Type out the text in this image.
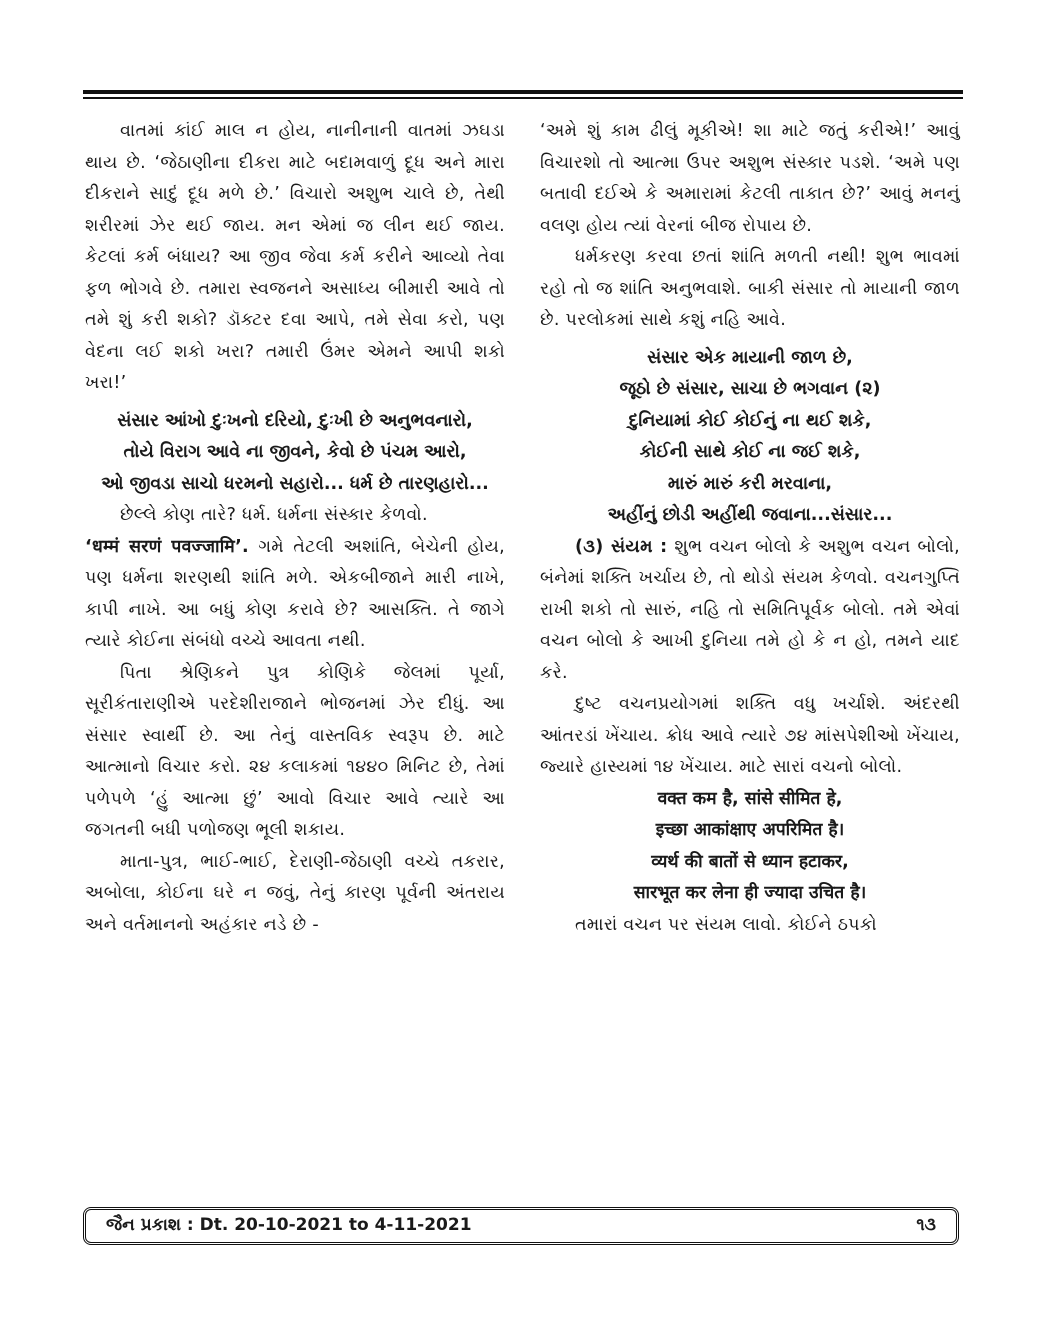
વાતમાં કાંઈ માલ ન હોય, નાનીનાની વાતમાં ઝઘડા થાય છે. ‘જેઠાણીના દીકરા માટે બદામવાળું દૂધ અને મારા દીકરાને સાદું દૂધ મળે છે.’ વિચારો અશુભ ચાલે છે, તેથી શરીરમાં ઝેર થઈ જાય. મન એમાં જ લીન થઈ જાય. કેટલાં કર્મ બંધાય? આ જીવ જેવા કર્મ કરીને આવ્યો તેવા ફળ ભોગવે છે. તમારા સ્વજનને અસાધ્ય બીમારી આવે તો તમે શું કરી શકો? ડૉક્ટર દવા આપે, તમે સેવા કરો, પણ વેદના લઈ શકો ખરા? તમારી ઉંમર એમને આપી શકો ખરા!’

સંસાર આંખો દુઃખનો દરિયો, દુઃખી છે અનુભવનારો,
તોયે વિરાગ આવે ના જીવને, કેવો છે પંચમ આરો,
ઓ જીવડા સાચો ધરમનો સહારો... ધર્મ છે તારણહારો...

છેલ્લે કોણ તારે? ધર્મ. ધર્મના સંસ્કાર કેળવો.

‘धम्मं सरणं पवज्जामि’. ગમે તેટલી અશાંતિ, બેચેની હોય, પણ ધર્મના શરણથી શાંતિ મળે. એકબીજાને મારી નાખે, કાપી નાખે. આ બધું કોણ કરાવે છે? આસક્તિ. તે જાગે ત્યારે કોઈના સંબંધો વચ્ચે આવતા નથી.

પિતા શ્રેણિકને પુત્ર કોણિકે જેલમાં પૂર્યા, સૂરીકંતારાણીએ પરદેશીરાજાને ભોજનમાં ઝેર દીધું. આ સંસાર સ્વાર્થી છે. આ તેનું વાસ્તવિક સ્વરૂપ છે. માટે આત્માનો વિચાર કરો. ૨૪ કલાકમાં ૧૪૪૦ મિનિટ છે, તેમાં પળેપળે ‘હું આત્મા છું’ આવો વિચાર આવે ત્યારે આ જગતની બધી પળોજણ ભૂલી શકાય.

માતા-પુત્ર, ભાઈ-ભાઈ, દેરાણી-જેઠાણી વચ્ચે તકરાર, અબોલા, કોઈના ઘરે ન જવું, તેનું કારણ પૂર્વની અંતરાય અને વર્તમાનનો અહંકાર નડે છે -

‘અમે શું કામ ઢીલું મૂકીએ! શા માટે જતું કરીએ!’ આવું વિચારશો તો આત્મા ઉપર અશુભ સંસ્કાર પડશે. ‘અમે પણ બતાવી દઈએ કે અમારામાં કેટલી તાકાત છે?’ આવું મનનું વલણ હોય ત્યાં વેરનાં બીજ રોપાય છે.

ધર્મકરણ કરવા છતાં શાંતિ મળતી નથી! શુભ ભાવમાં રહો તો જ શાંતિ અનુભવાશે. બાકી સંસાર તો માયાની જાળ છે. પરલોકમાં સાથે કશું નહિ આવે.

સંસાર એક માયાની જાળ છે,
જૂઠો છે સંસાર, સાચા છે ભગવાન (૨)
દુનિયામાં કોઈ કોઈનું ના થઈ શકે,
કોઈની સાથે કોઈ ના જઈ શકે,
મારું મારું કરી મરવાના,
અહીંનું છોડી અહીંથી જવાના...સંસાર...

(૩) સંયમ : શુભ વચન બોલો કે અશુભ વચન બોલો, બંનેમાં શક્તિ ખર્ચાય છે, તો થોડો સંયમ કેળવો. વચનગુપ્તિ રાખી શકો તો સારું, નહિ તો સમિતિપૂર્વક બોલો. તમે એવાં વચન બોલો કે આખી દુનિયા તમે હો કે ન હો, તમને યાદ કરે.

દુષ્ટ વચનપ્રયોગમાં શક્તિ વધુ ખર્ચાશે. અંદરથી આંતરડાં ખેંચાય. ક્રોધ આવે ત્યારે ૭૪ માંસપેશીઓ ખેંચાય, જ્યારે હાસ્યમાં ૧૪ ખેંચાય. માટે સારાં વચનો બોલો.

वक्त कम है, सांसे सीमित हे,
इच्छा आकांक्षाए अपरिमित है।
व्यर्थ की बातों से ध्यान हटाकर,
सारभूत कर लेना ही ज्यादा उचित है।

તમારાં વચન પર સંયમ લાવો. કોઈને ઠપકો

જૈન પ્રકાશ : Dt. 20-10-2021 to 4-11-2021	૧૩
